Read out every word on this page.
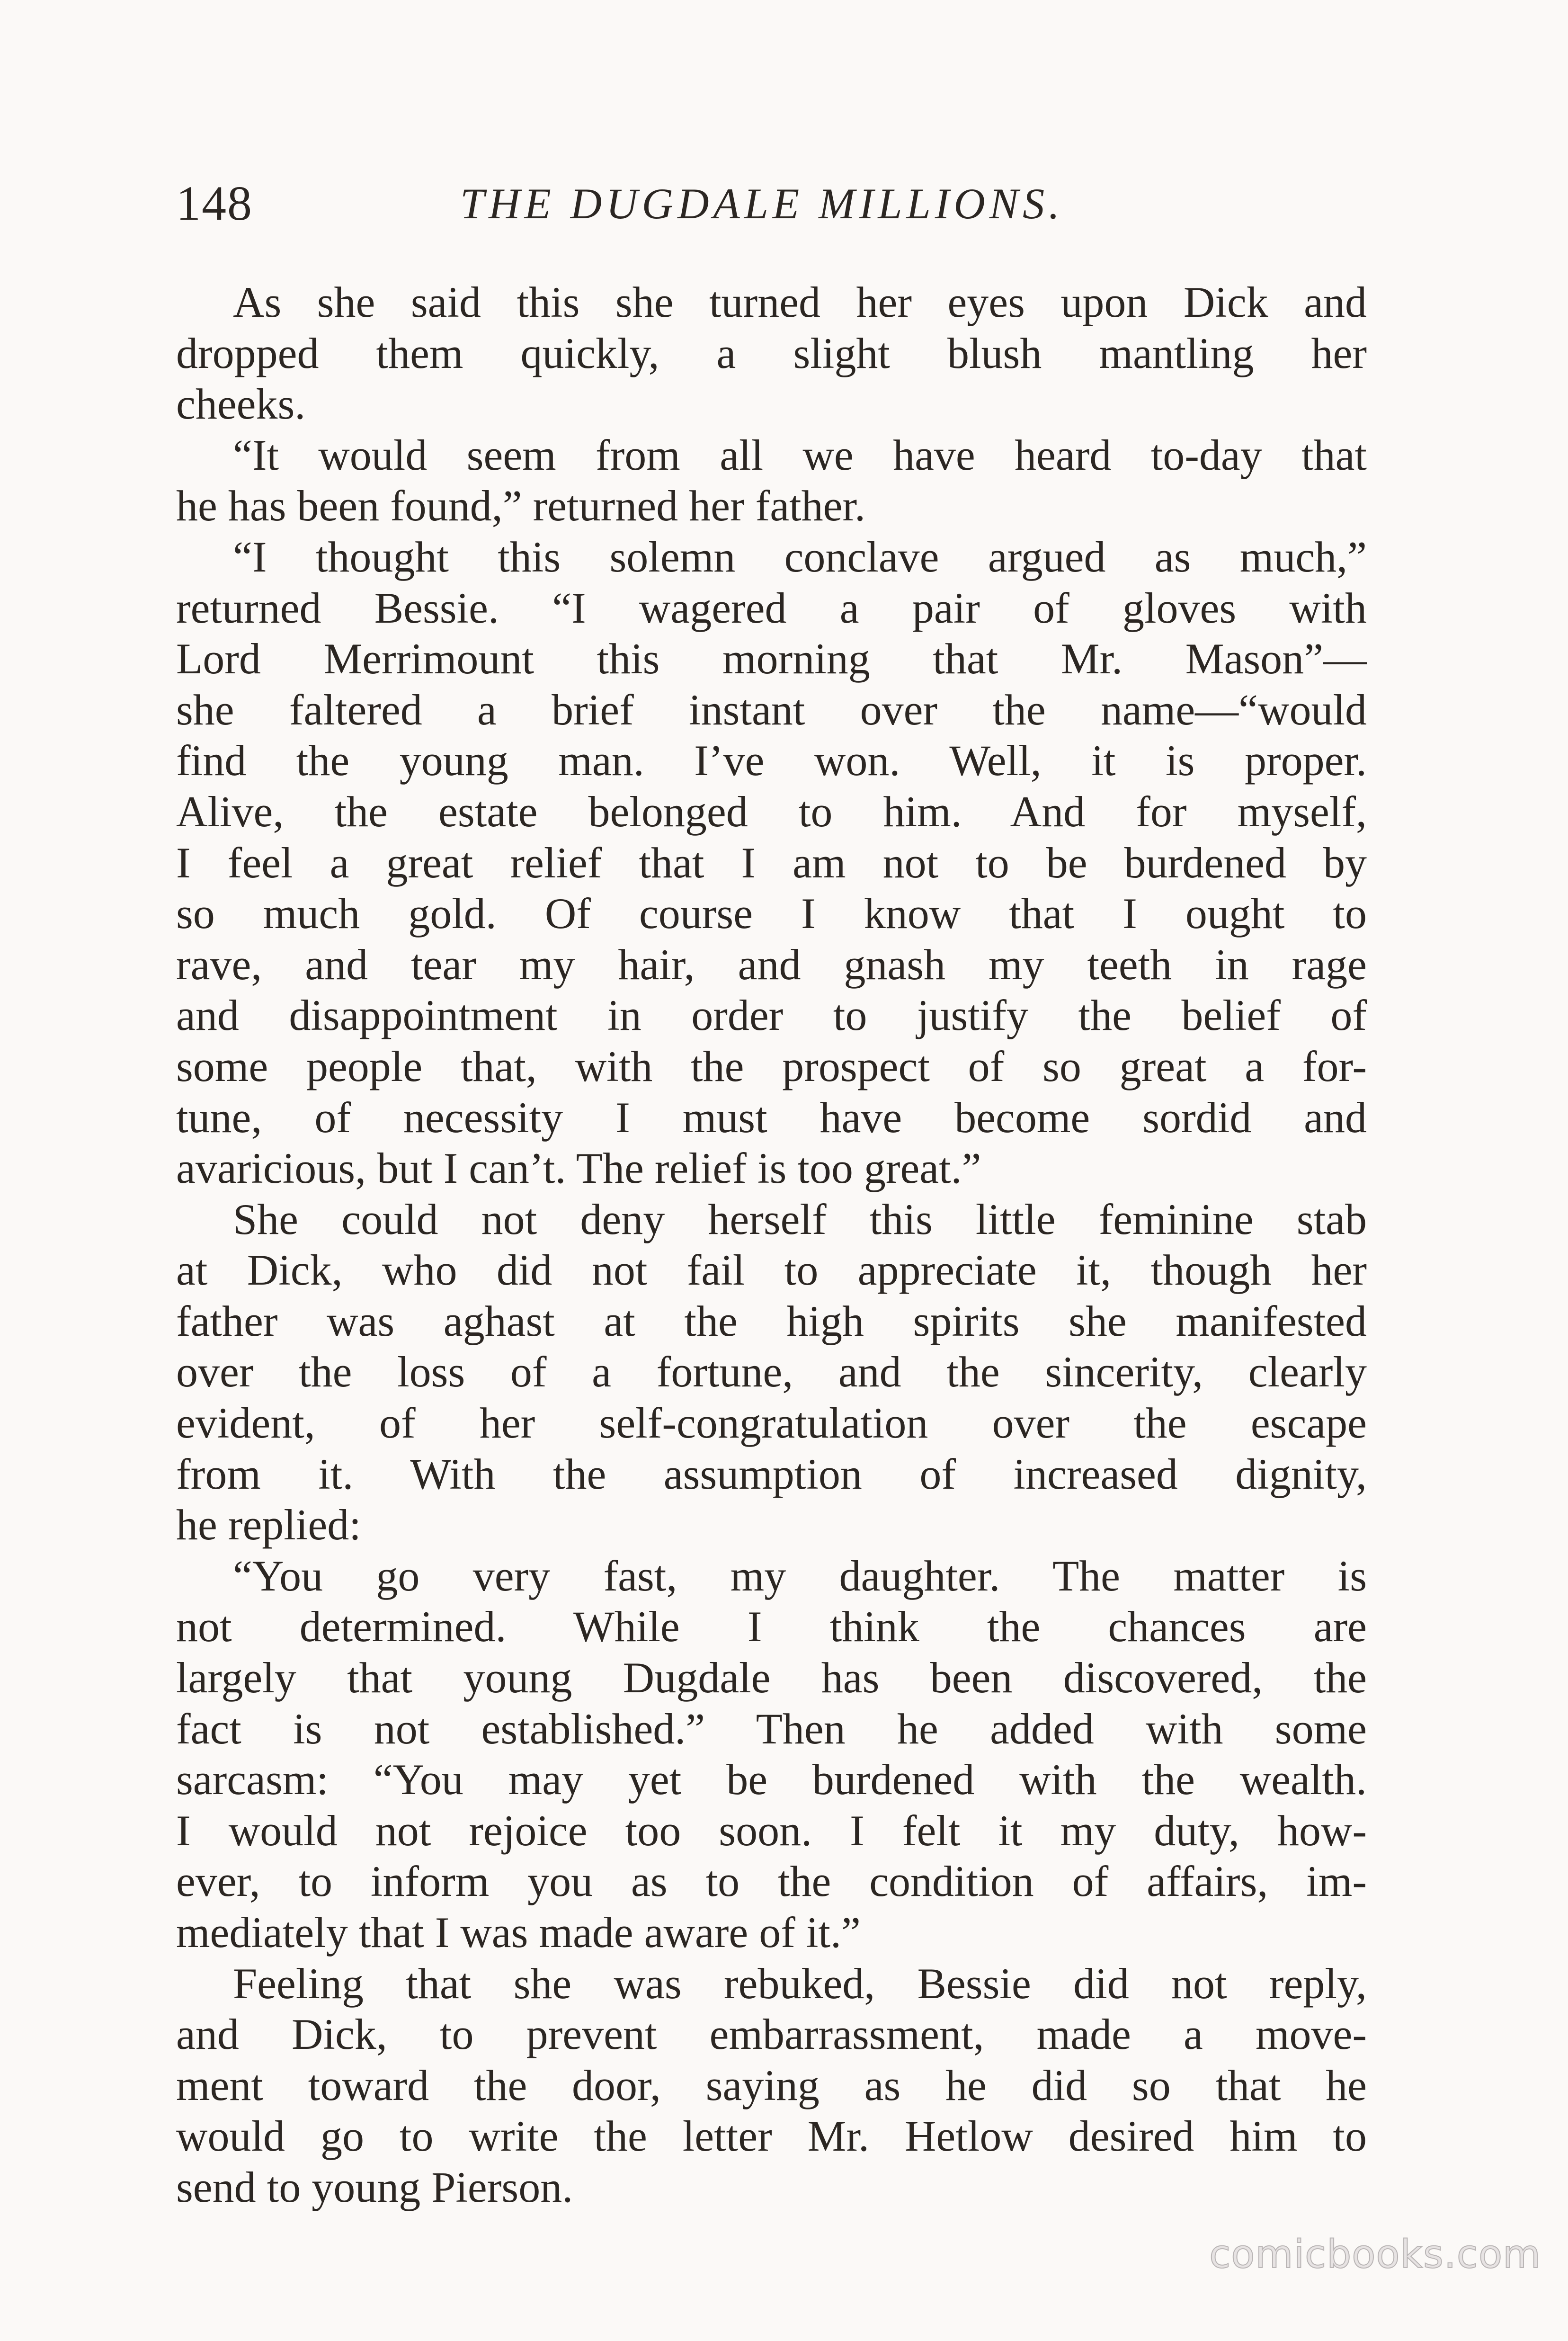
148	THE DUGDALE MILLIONS.
As she said this she turned her eyes upon Dick and
dropped them quickly, a slight blush mantling her
cheeks.
“It would seem from all we have heard to-day that
he has been found,” returned her father.
“I thought this solemn conclave argued as much,”
returned Bessie. “I wagered a pair of gloves with
Lord Merrimount this morning that Mr. Mason”—
she faltered a brief instant over the name—“would
find the young man. I’ve won. Well, it is proper.
Alive, the estate belonged to him. And for myself,
I feel a great relief that I am not to be burdened by
so much gold. Of course I know that I ought to
rave, and tear my hair, and gnash my teeth in rage
and disappointment in order to justify the belief of
some people that, with the prospect of so great a for-
tune, of necessity I must have become sordid and
avaricious, but I can’t. The relief is too great.”
She could not deny herself this little feminine stab
at Dick, who did not fail to appreciate it, though her
father was aghast at the high spirits she manifested
over the loss of a fortune, and the sincerity, clearly
evident, of her self-congratulation over the escape
from it. With the assumption of increased dignity,
he replied:
“You go very fast, my daughter. The matter is
not determined. While I think the chances are
largely that young Dugdale has been discovered, the
fact is not established.” Then he added with some
sarcasm: “You may yet be burdened with the wealth.
I would not rejoice too soon. I felt it my duty, how-
ever, to inform you as to the condition of affairs, im-
mediately that I was made aware of it.”
Feeling that she was rebuked, Bessie did not reply,
and Dick, to prevent embarrassment, made a move-
ment toward the door, saying as he did so that he
would go to write the letter Mr. Hetlow desired him to
send to young Pierson.
comicbooks.com
